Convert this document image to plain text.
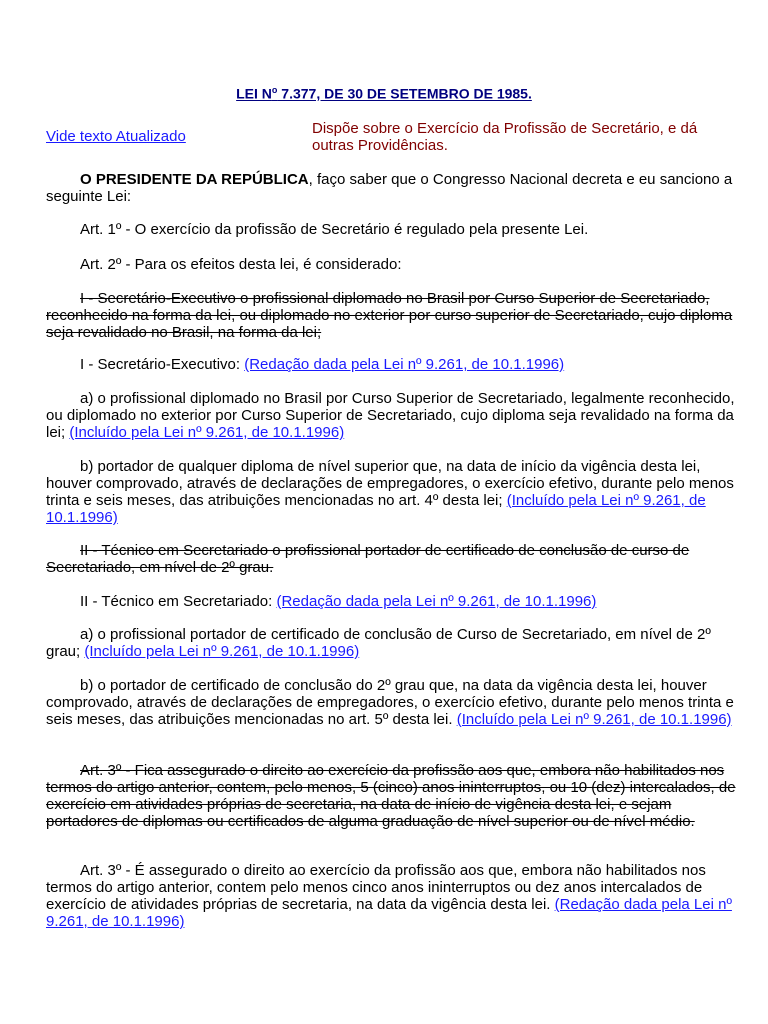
LEI $N^o$ 7.377, DE 30 DE SETEMBRO DE 1985.
Vide texto Atualizado	Dispõe sobre o Exercício da Profissão de Secretário, e dá outras Providências.
O PRESIDENTE DA REPÚBLICA, faço saber que o Congresso Nacional decreta e eu sanciono a seguinte Lei:
Art. 1º - O exercício da profissão de Secretário é regulado pela presente Lei.
Art. 2º - Para os efeitos desta lei, é considerado:
I - Secretário-Executivo o profissional diplomado no Brasil por Curso Superior de Secretariado, reconhecido na forma da lei, ou diplomado no exterior por curso superior de Secretariado, cujo diploma seja revalidado no Brasil, na forma da lei;
I - Secretário-Executivo: (Redação dada pela Lei nº 9.261, de 10.1.1996)
a) o profissional diplomado no Brasil por Curso Superior de Secretariado, legalmente reconhecido, ou diplomado no exterior por Curso Superior de Secretariado, cujo diploma seja revalidado na forma da lei; (Incluído pela Lei nº 9.261, de 10.1.1996)
b) portador de qualquer diploma de nível superior que, na data de início da vigência desta lei, houver comprovado, através de declarações de empregadores, o exercício efetivo, durante pelo menos trinta e seis meses, das atribuições mencionadas no art. 4º desta lei; (Incluído pela Lei nº 9.261, de 10.1.1996)
II - Técnico em Secretariado o profissional portador de certificado de conclusão de curso de Secretariado, em nível de 2º grau.
II - Técnico em Secretariado: (Redação dada pela Lei nº 9.261, de 10.1.1996)
a) o profissional portador de certificado de conclusão de Curso de Secretariado, em nível de 2º grau; (Incluído pela Lei nº 9.261, de 10.1.1996)
b) o portador de certificado de conclusão do 2º grau que, na data da vigência desta lei, houver comprovado, através de declarações de empregadores, o exercício efetivo, durante pelo menos trinta e seis meses, das atribuições mencionadas no art. 5º desta lei. (Incluído pela Lei nº 9.261, de 10.1.1996)
Art. 3º - Fica assegurado o direito ao exercício da profissão aos que, embora não habilitados nos termos do artigo anterior, contem, pelo menos, 5 (cinco) anos ininterruptos, ou 10 (dez) intercalados, de exercício em atividades próprias de secretaria, na data de início de vigência desta lei, e sejam portadores de diplomas ou certificados de alguma graduação de nível superior ou de nível médio.
Art. 3º - É assegurado o direito ao exercício da profissão aos que, embora não habilitados nos termos do artigo anterior, contem pelo menos cinco anos ininterruptos ou dez anos intercalados de exercício de atividades próprias de secretaria, na data da vigência desta lei. (Redação dada pela Lei nº 9.261, de 10.1.1996)
